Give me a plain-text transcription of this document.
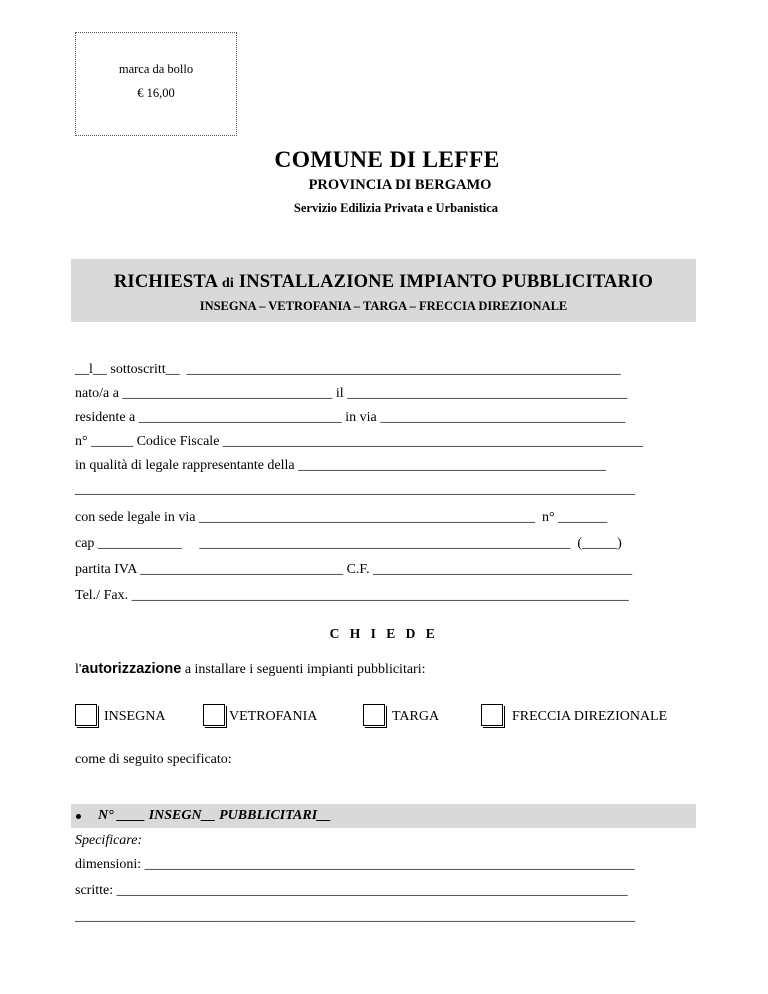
marca da bollo
€ 16,00
COMUNE DI LEFFE
PROVINCIA DI BERGAMO
Servizio Edilizia Privata e Urbanistica
RICHIESTA di INSTALLAZIONE IMPIANTO PUBBLICITARIO
INSEGNA – VETROFANIA – TARGA – FRECCIA DIREZIONALE
__l__ sottoscritt__  ______________________________________________________________
nato/a a ______________________________ il ________________________________________
residente a _____________________________ in via ___________________________________
n° ______ Codice Fiscale ____________________________________________________________
in qualità di legale rappresentante della ____________________________________________
________________________________________________________________________________
con sede legale in via ________________________________________________  n° _______
cap ____________     _____________________________________________________  (_____)
partita IVA _____________________________ C.F. _____________________________________
Tel./ Fax. _______________________________________________________________________
C H I E D E
l'autorizzazione a installare i seguenti impianti pubblicitari:
INSEGNA	VETROFANIA	TARGA	FRECCIA DIREZIONALE
come di seguito specificato:
N° ____ INSEGN__ PUBBLICITARI__
Specificare:
dimensioni: ______________________________________________________________________
scritte: _________________________________________________________________________
________________________________________________________________________________
